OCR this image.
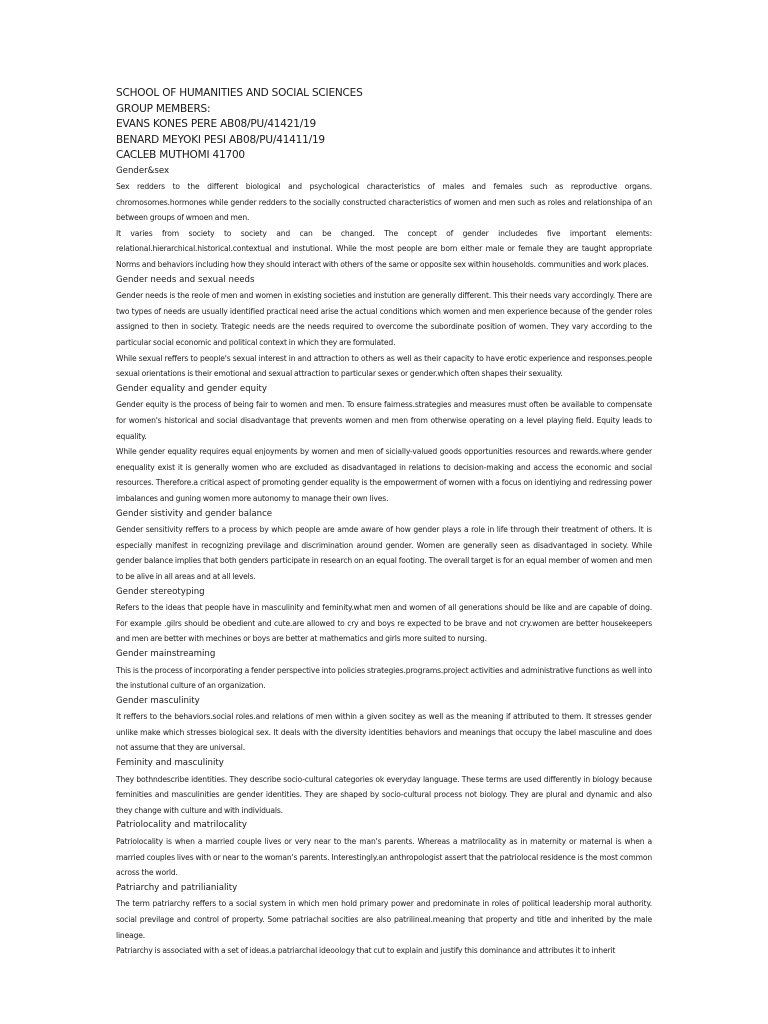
SCHOOL OF HUMANITIES AND SOCIAL SCIENCES

GROUP MEMBERS:

EVANS KONES PERE AB08/PU/41421/19

BENARD MEYOKI PESI AB08/PU/41411/19

CACLEB MUTHOMI 41700

Gender&sex

Sex redders to the different biological and psychological characteristics of males and females such as reproductive organs. chromosomes.hormones while gender redders to the socially constructed characteristics of women and men such as roles and relationshipa of an between groups of wmoen and men.

It varies from society to society and can be changed. The concept of gender includedes five important elements: relational.hierarchical.historical.contextual and instutional. While the most people are born either male or female they are taught appropriate Norms and behaviors including how they should interact with others of the same or opposite sex within households. communities and work places.

Gender needs and sexual needs

Gender needs is the reole of men and women in existing societies and instution are generally different. This their needs vary accordingly. There are two types of needs are usually identified practical need arise the actual conditions which women and men experience because of the gender roles assigned to then in society. Trategic needs are the needs required to overcome the subordinate position of women. They vary according to the particular social economic and political context in which they are formulated.

While sexual reffers to people's sexual interest in and attraction to others as well as their capacity to have erotic experience and responses.people sexual orientations is their emotional and sexual attraction to particular sexes or gender.which often shapes their sexuality.

Gender equality and gender equity

Gender equity is the process of being fair to women and men. To ensure fairness.strategies and measures must often be available to compensate for women's historical and social disadvantage that prevents women and men from otherwise operating on a level playing field. Equity leads to equality.

While gender equality requires equal enjoyments by women and men of sicially-valued goods opportunities resources and rewards.where gender enequality exist it is generally women who are excluded as disadvantaged in relations to decision-making and access the economic and social resources. Therefore.a critical aspect of promoting gender equality is the empowerment of women with a focus on identiying and redressing power imbalances and guning women more autonomy to manage their own lives.

Gender sistivity and gender balance

Gender sensitivity reffers to a process by which people are amde aware of how gender plays a role in life through their treatment of others. It is especially manifest in recognizing previlage and discrimination around gender. Women are generally seen as disadvantaged in society. While gender balance implies that both genders participate in research on an equal footing. The overall target is for an equal member of women and men to be alive in all areas and at all levels.

Gender stereotyping

Refers to the ideas that people have in masculinity and feminity.what men and women of all generations should be like and are capable of doing. For example .gilrs should be obedient and cute.are allowed to cry and boys re expected to be brave and not cry.women are better housekeepers and men are better with mechines or boys are better at mathematics and girls more suited to nursing.

Gender mainstreaming

This is the process of incorporating a fender perspective into policies strategies.programs.project activities and administrative functions as well into the instutional culture of an organization.

Gender masculinity

It reffers to the behaviors.social roles.and relations of men within a given socitey as well as the meaning if attributed to them. It stresses gender unlike make which stresses biological sex. It deals with the diversity identities behaviors and meanings that occupy the label masculine and does not assume that they are universal.

Feminity and masculinity

They bothndescribe identities. They describe socio-cultural categories ok everyday language. These terms are used differently in biology because feminities and masculinities are gender identities. They are shaped by socio-cultural process not biology. They are plural and dynamic and also they change with culture and with individuals.

Patriolocality and matrilocality

Patriolocality is when a married couple lives or very near to the man's parents. Whereas a matrilocality as in maternity or maternal is when a married couples lives with or near to the woman's parents. Interestingly.an anthropologist assert that the patriolocal residence is the most common across the world.

Patriarchy and patrilianiality

The term patriarchy reffers to a social system in which men hold primary power and predominate in roles of political leadership moral authority. social previlage and control of property. Some patriachal socities are also patrilineal.meaning that property and title and inherited by the male lineage.

Patriarchy is associated with a set of ideas.a patriarchal ideoology that cut to explain and justify this dominance and attributes it to inherit
